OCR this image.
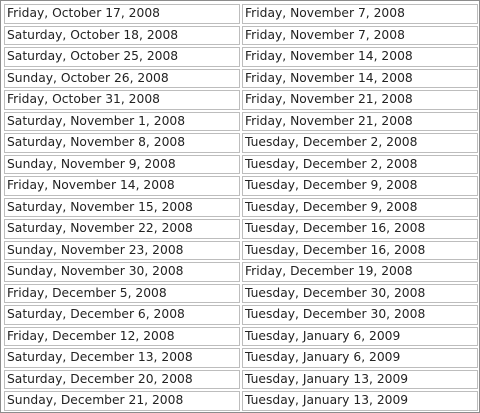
Friday, October 17, 2008	Friday, November 7, 2008
Saturday, October 18, 2008	Friday, November 7, 2008
Saturday, October 25, 2008	Friday, November 14, 2008
Sunday, October 26, 2008	Friday, November 14, 2008
Friday, October 31, 2008	Friday, November 21, 2008
Saturday, November 1, 2008	Friday, November 21, 2008
Saturday, November 8, 2008	Tuesday, December 2, 2008
Sunday, November 9, 2008	Tuesday, December 2, 2008
Friday, November 14, 2008	Tuesday, December 9, 2008
Saturday, November 15, 2008	Tuesday, December 9, 2008
Saturday, November 22, 2008	Tuesday, December 16, 2008
Sunday, November 23, 2008	Tuesday, December 16, 2008
Sunday, November 30, 2008	Friday, December 19, 2008
Friday, December 5, 2008	Tuesday, December 30, 2008
Saturday, December 6, 2008	Tuesday, December 30, 2008
Friday, December 12, 2008	Tuesday, January 6, 2009
Saturday, December 13, 2008	Tuesday, January 6, 2009
Saturday, December 20, 2008	Tuesday, January 13, 2009
Sunday, December 21, 2008	Tuesday, January 13, 2009
